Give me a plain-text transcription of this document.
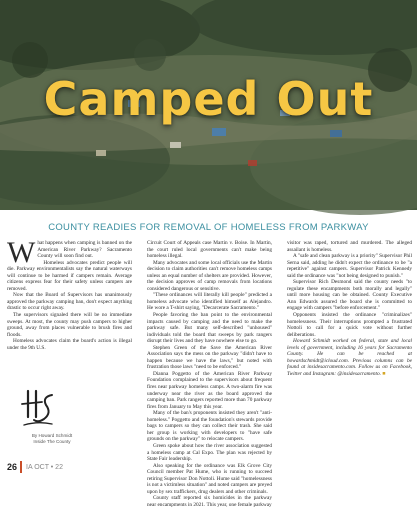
Camped Out
COUNTY READIES FOR REMOVAL OF HOMELESS FROM PARKWAY

What happens when camping is banned on the American River Parkway? Sacramento County will soon find out.

Homeless advocates predict people will die. Parkway environmentalists say the natural waterways will continue to be harmed if campers remain. Average citizens express fear for their safety unless campers are removed.

Now that the Board of Supervisors has unanimously approved the parkway camping ban, don't expect anything drastic to occur right away.

The supervisors signaled there will be no immediate sweeps. At most, the county may push campers to higher ground, away from places vulnerable to brush fires and floods.

Homeless advocates claim the board's action is illegal under the 9th U.S.

Circuit Court of Appeals case Martin v. Boise. In Martin, the court ruled local governments can't make being homeless illegal.

Many advocates and some local officials use the Martin decision to claim authorities can't remove homeless camps unless an equal number of shelters are provided. However, the decision approves of camp removals from locations considered dangerous or sensitive.

"These ordinances will literally kill people" predicted a homeless advocate who identified himself as Alejandro. He wore a T-shirt saying, "Decarcerate Sacramento."

People favoring the ban point to the environmental impacts caused by camping and the need to make the parkway safe. But many self-described "unhoused" individuals told the board that sweeps by park rangers disrupt their lives and they have nowhere else to go.

Stephen Green of the Save the American River Association says the mess on the parkway "didn't have to happen because we have the laws," but noted with frustration those laws "need to be enforced."

Dianna Poggetto of the American River Parkway Foundation complained to the supervisors about frequent fires near parkway homeless camps. A two-alarm fire was underway near the river as the board approved the camping ban. Park rangers reported more than 70 parkway fires from January to May this year.

Many of the ban's proponents insisted they aren't "anti-homeless." Poggetto and the foundation's stewards provide bags to campers so they can collect their trash. She said her group is working with developers to "have safe grounds on the parkway" to relocate campers.

Green spoke about how the river association suggested a homeless camp at Cal Expo. The plan was rejected by State Fair leadership.

Also speaking for the ordinance was Elk Grove City Council member Pat Hume, who is running to succeed retiring Supervisor Don Nottoli. Hume said "homelessness is not a victimless situation" and noted campers are preyed upon by sex traffickers, drug dealers and other criminals.

County staff reported six homicides in the parkway near encampments in 2021. This year, one female parkway

visitor was raped, tortured and murdered. The alleged assailant is homeless.

A "safe and clean parkway is a priority" Supervisor Phil Serna said, adding he didn't expect the ordinance to be "a repetitive" against campers. Supervisor Patrick Kennedy said the ordinance was "not being designed to punish."

Supervisor Rich Desmond said the county needs "to regulate these encampments both morally and legally" until more housing can be obtained. County Executive Ann Edwards assured the board she is committed to engage with campers "before enforcement."

Opponents insisted the ordinance "criminalizes" homelessness. Their interruptions prompted a frustrated Nottoli to call for a quick vote without further deliberations.

Howard Schmidt worked on federal, state and local levels of government, including 16 years for Sacramento County. He can be reached at howardschmidt@icloud.com. Previous columns can be found at insidesacramento.com. Follow us on Facebook, Twitter and Instagram: @insidesacramento. ■

By Howard Schmidt
Inside The County
26 IA OCT • 22
